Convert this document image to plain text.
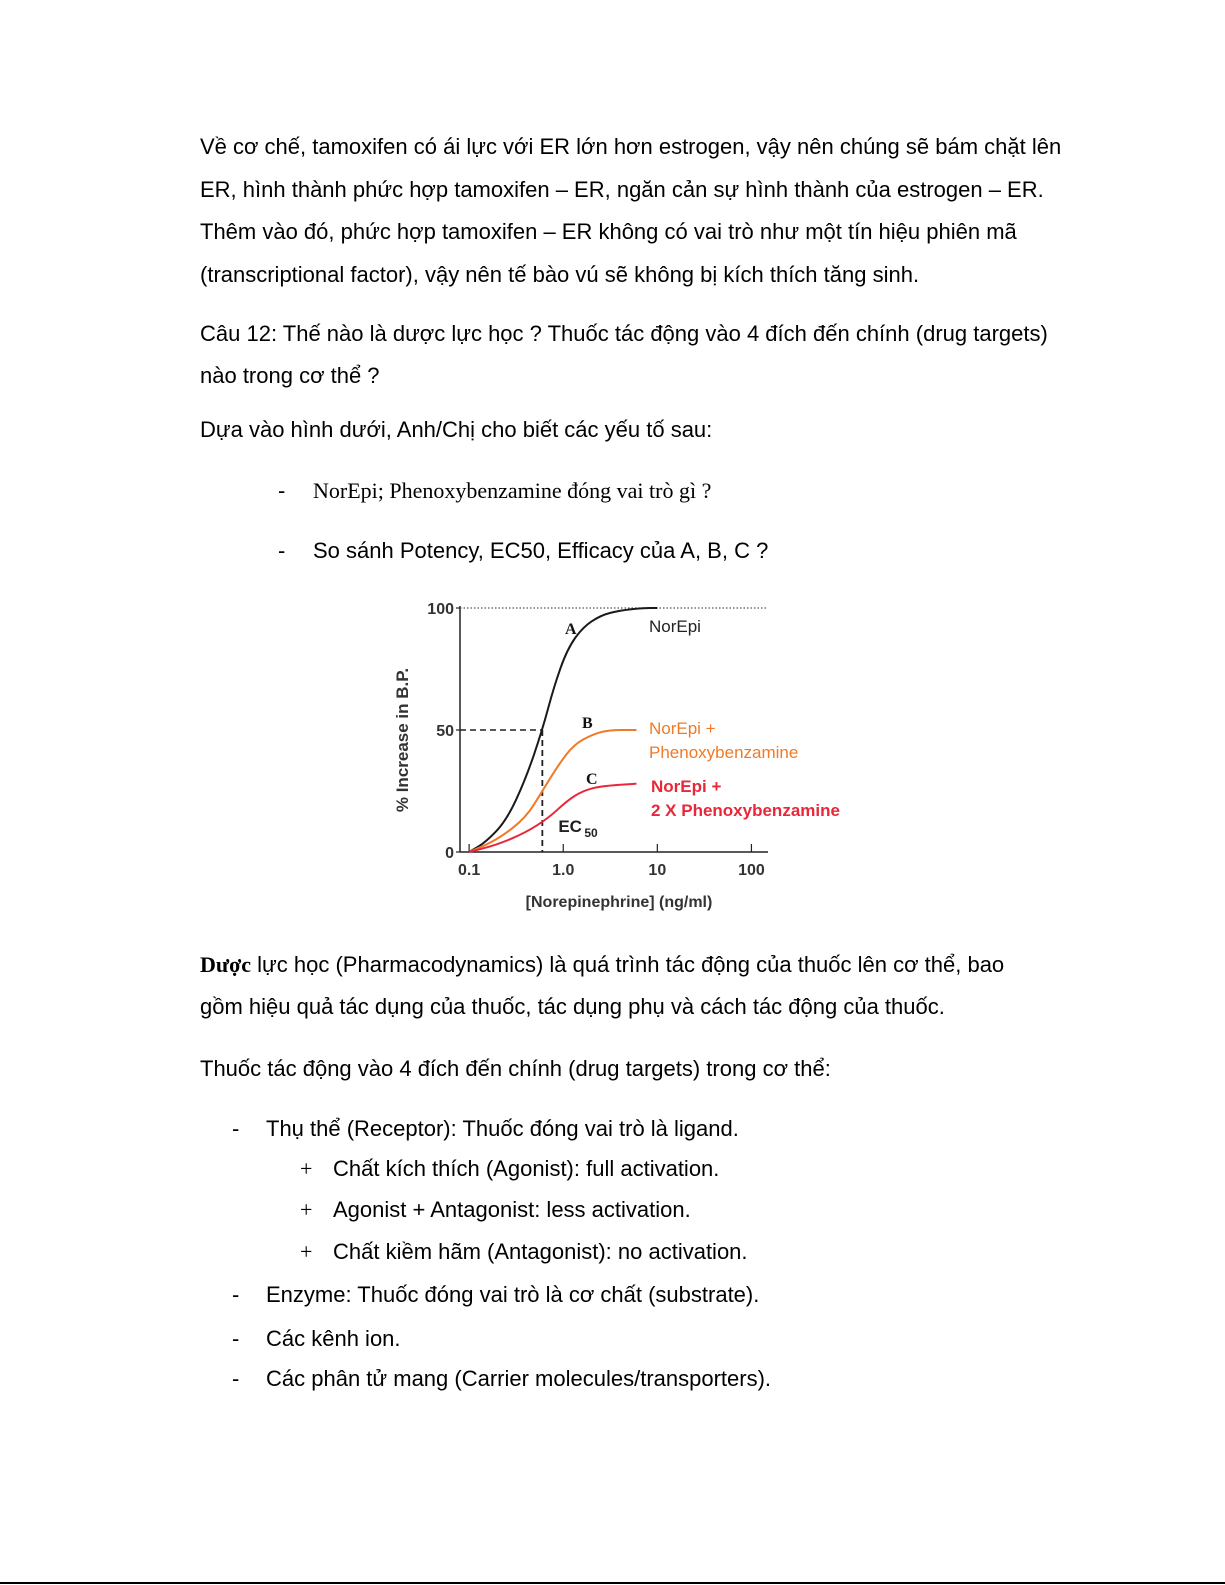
Về cơ chế, tamoxifen có ái lực với ER lớn hơn estrogen, vậy nên chúng sẽ bám chặt lên
ER, hình thành phức hợp tamoxifen – ER, ngăn cản sự hình thành của estrogen – ER.
Thêm vào đó, phức hợp tamoxifen – ER không có vai trò như một tín hiệu phiên mã
(transcriptional factor), vậy nên tế bào vú sẽ không bị kích thích tăng sinh.
Câu 12: Thế nào là dược lực học ? Thuốc tác động vào 4 đích đến chính (drug targets)
nào trong cơ thể ?
Dựa vào hình dưới, Anh/Chị cho biết các yếu tố sau:
- NorEpi; Phenoxybenzamine đóng vai trò gì ?
- So sánh Potency, EC50, Efficacy của A, B, C ?
0
50
100
0.1	1.0	10	100
% Increase in B.P.
[Norepinephrine] (ng/ml)
A	NorEpi
B	NorEpi +
Phenoxybenzamine
C	NorEpi +
2 X Phenoxybenzamine
EC 50
Dược lực học (Pharmacodynamics) là quá trình tác động của thuốc lên cơ thể, bao
gồm hiệu quả tác dụng của thuốc, tác dụng phụ và cách tác động của thuốc.
Thuốc tác động vào 4 đích đến chính (drug targets) trong cơ thể:
- Thụ thể (Receptor): Thuốc đóng vai trò là ligand.
+ Chất kích thích (Agonist): full activation.
+ Agonist + Antagonist: less activation.
+ Chất kiềm hãm (Antagonist): no activation.
- Enzyme: Thuốc đóng vai trò là cơ chất (substrate).
- Các kênh ion.
- Các phân tử mang (Carrier molecules/transporters).
